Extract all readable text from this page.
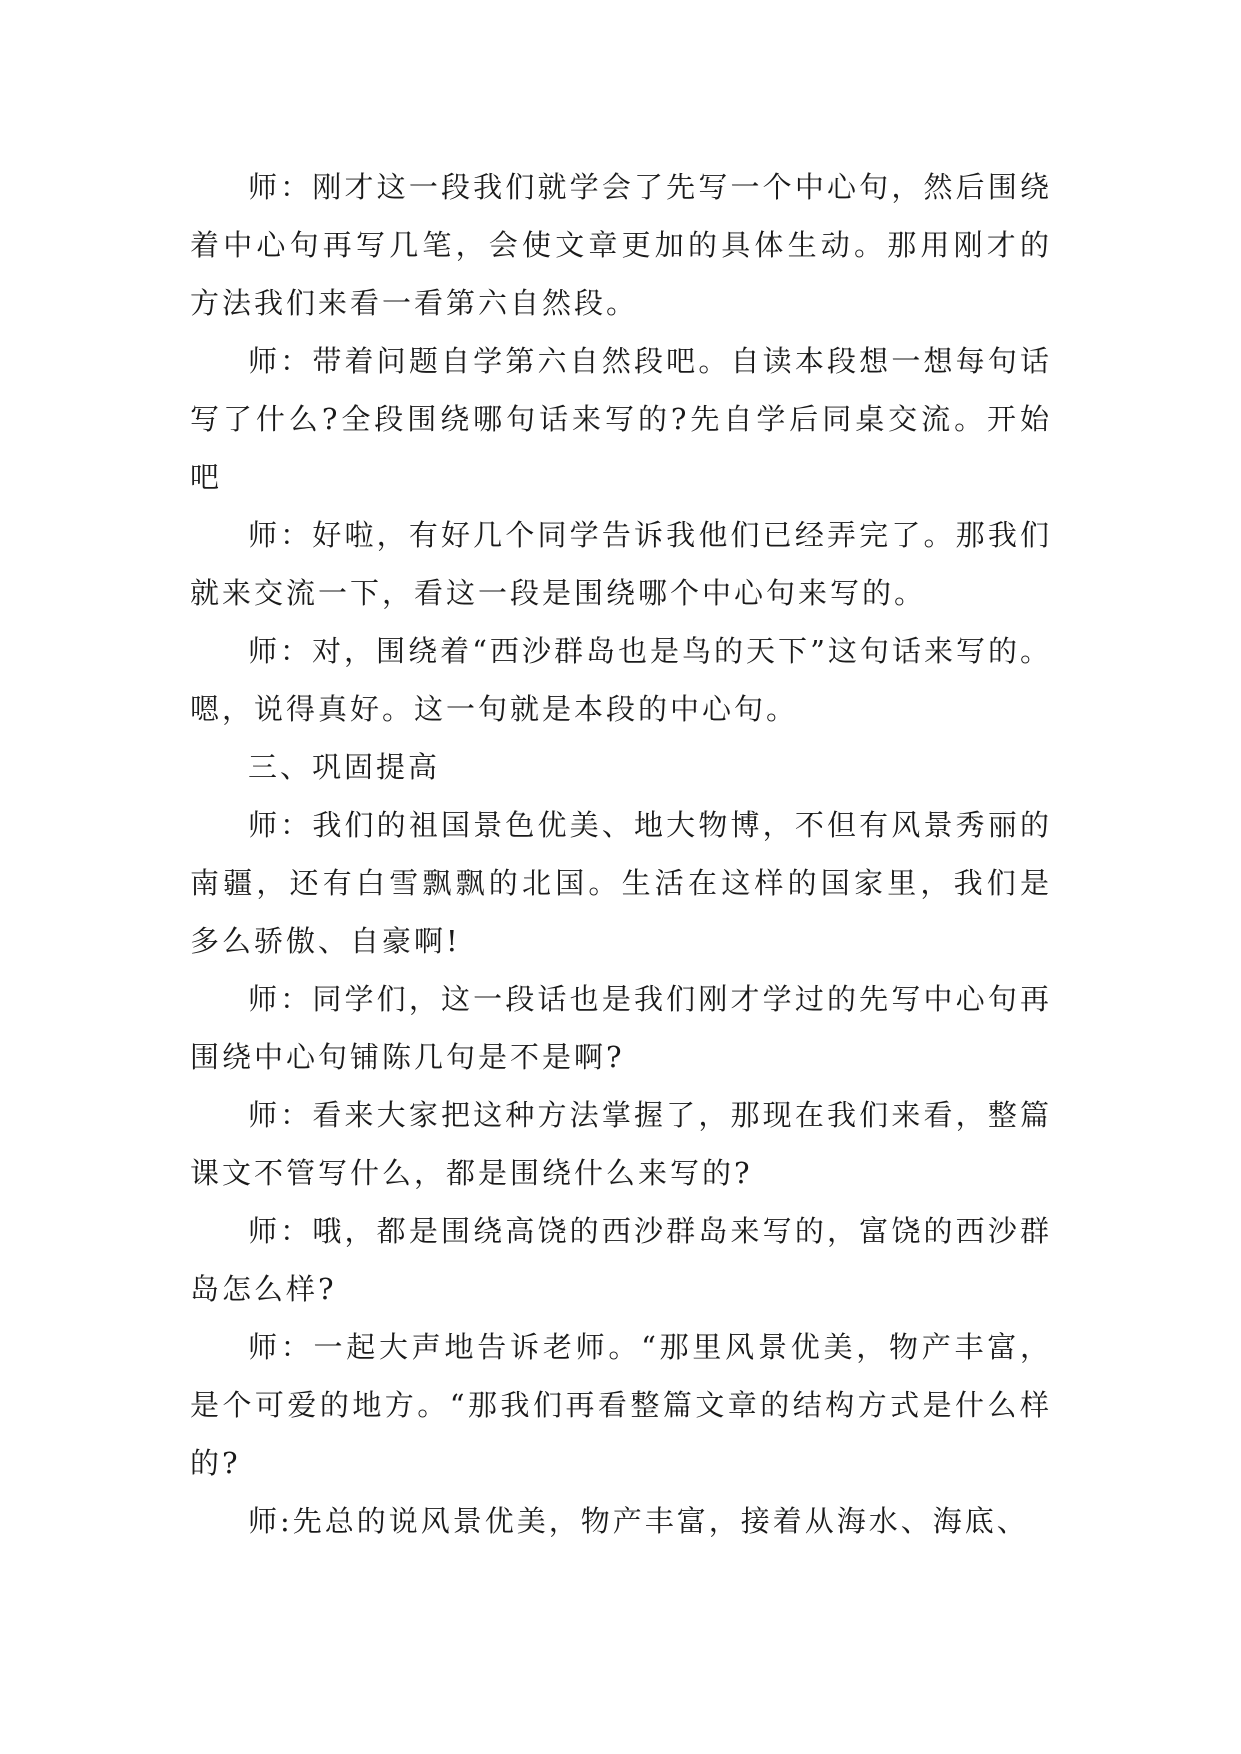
师：刚才这一段我们就学会了先写一个中心句，然后围绕着中心句再写几笔，会使文章更加的具体生动。那用刚才的方法我们来看一看第六自然段。

师：带着问题自学第六自然段吧。自读本段想一想每句话写了什么?全段围绕哪句话来写的?先自学后同桌交流。开始吧

师：好啦，有好几个同学告诉我他们已经弄完了。那我们就来交流一下，看这一段是围绕哪个中心句来写的。

师：对，围绕着“西沙群岛也是鸟的天下”这句话来写的。嗯，说得真好。这一句就是本段的中心句。

三、巩固提高

师：我们的祖国景色优美、地大物博，不但有风景秀丽的南疆，还有白雪飘飘的北国。生活在这样的国家里，我们是多么骄傲、自豪啊!

师：同学们，这一段话也是我们刚才学过的先写中心句再围绕中心句铺陈几句是不是啊?

师：看来大家把这种方法掌握了，那现在我们来看，整篇课文不管写什么，都是围绕什么来写的?

师：哦，都是围绕高饶的西沙群岛来写的，富饶的西沙群岛怎么样?

师：一起大声地告诉老师。“那里风景优美，物产丰富，是个可爱的地方。“那我们再看整篇文章的结构方式是什么样的?

师:先总的说风景优美，物产丰富，接着从海水、海底、
